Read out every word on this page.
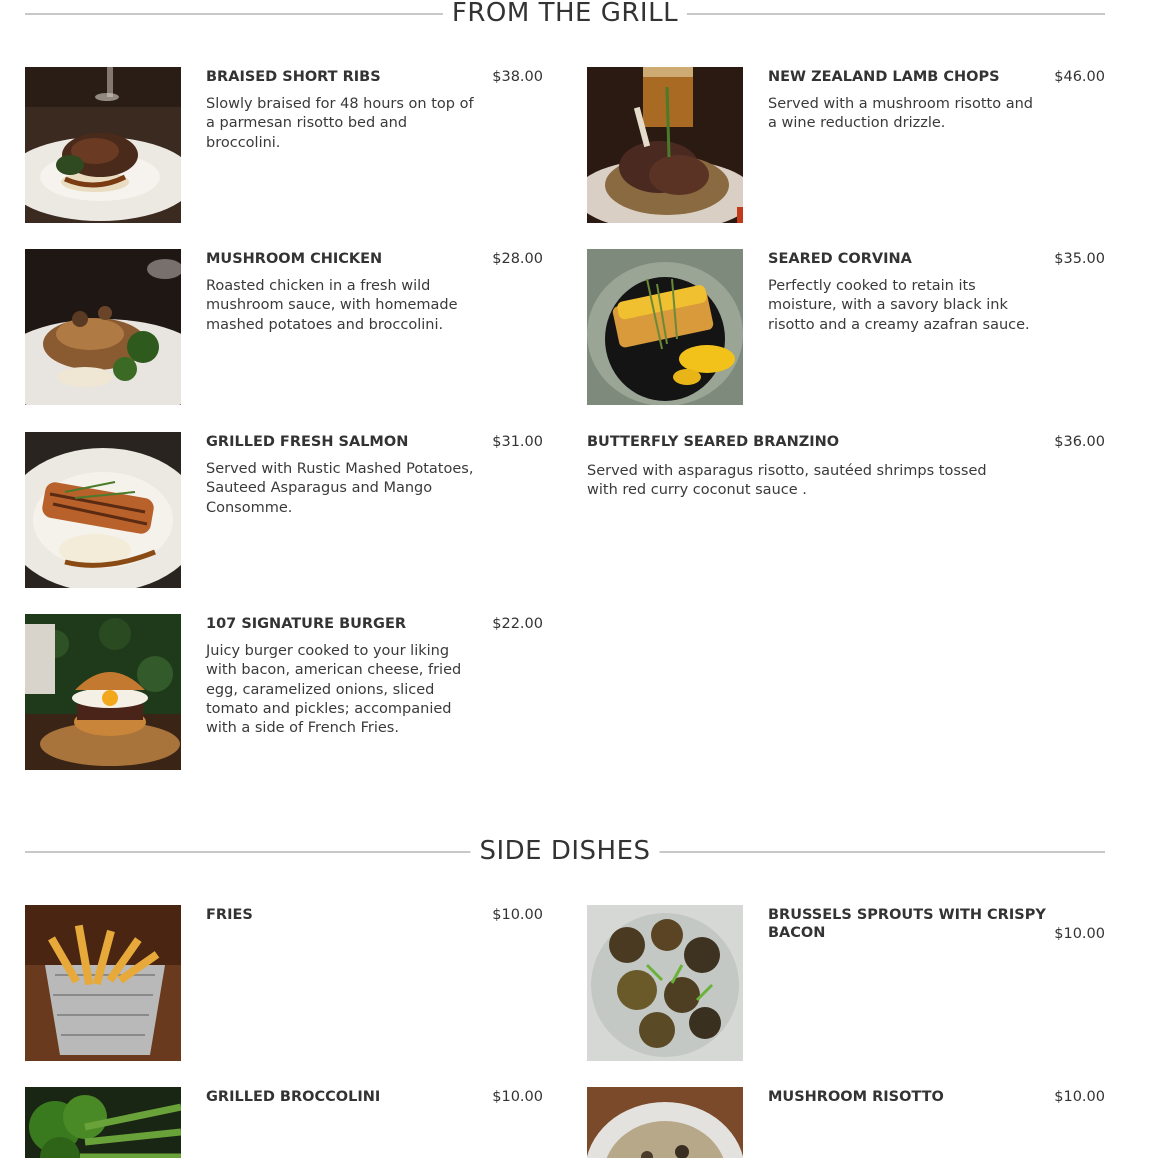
FROM THE GRILL
BRAISED SHORT RIBS	$38.00
Slowly braised for 48 hours on top of a parmesan risotto bed and broccolini.
NEW ZEALAND LAMB CHOPS	$46.00
Served with a mushroom risotto and a wine reduction drizzle.
MUSHROOM CHICKEN	$28.00
Roasted chicken in a fresh wild mushroom sauce, with homemade mashed potatoes and broccolini.
SEARED CORVINA	$35.00
Perfectly cooked to retain its moisture, with a savory black ink risotto and a creamy azafran sauce.
GRILLED FRESH SALMON	$31.00
Served with Rustic Mashed Potatoes, Sauteed Asparagus and Mango Consomme.
BUTTERFLY SEARED BRANZINO	$36.00
Served with asparagus risotto, sautéed shrimps tossed with red curry coconut sauce .
107 SIGNATURE BURGER	$22.00
Juicy burger cooked to your liking with bacon, american cheese, fried egg, caramelized onions, sliced tomato and pickles; accompanied with a side of French Fries.
SIDE DISHES
FRIES	$10.00	BRUSSELS SPROUTS WITH CRISPY BACON	$10.00
GRILLED BROCCOLINI	$10.00	MUSHROOM RISOTTO	$10.00
